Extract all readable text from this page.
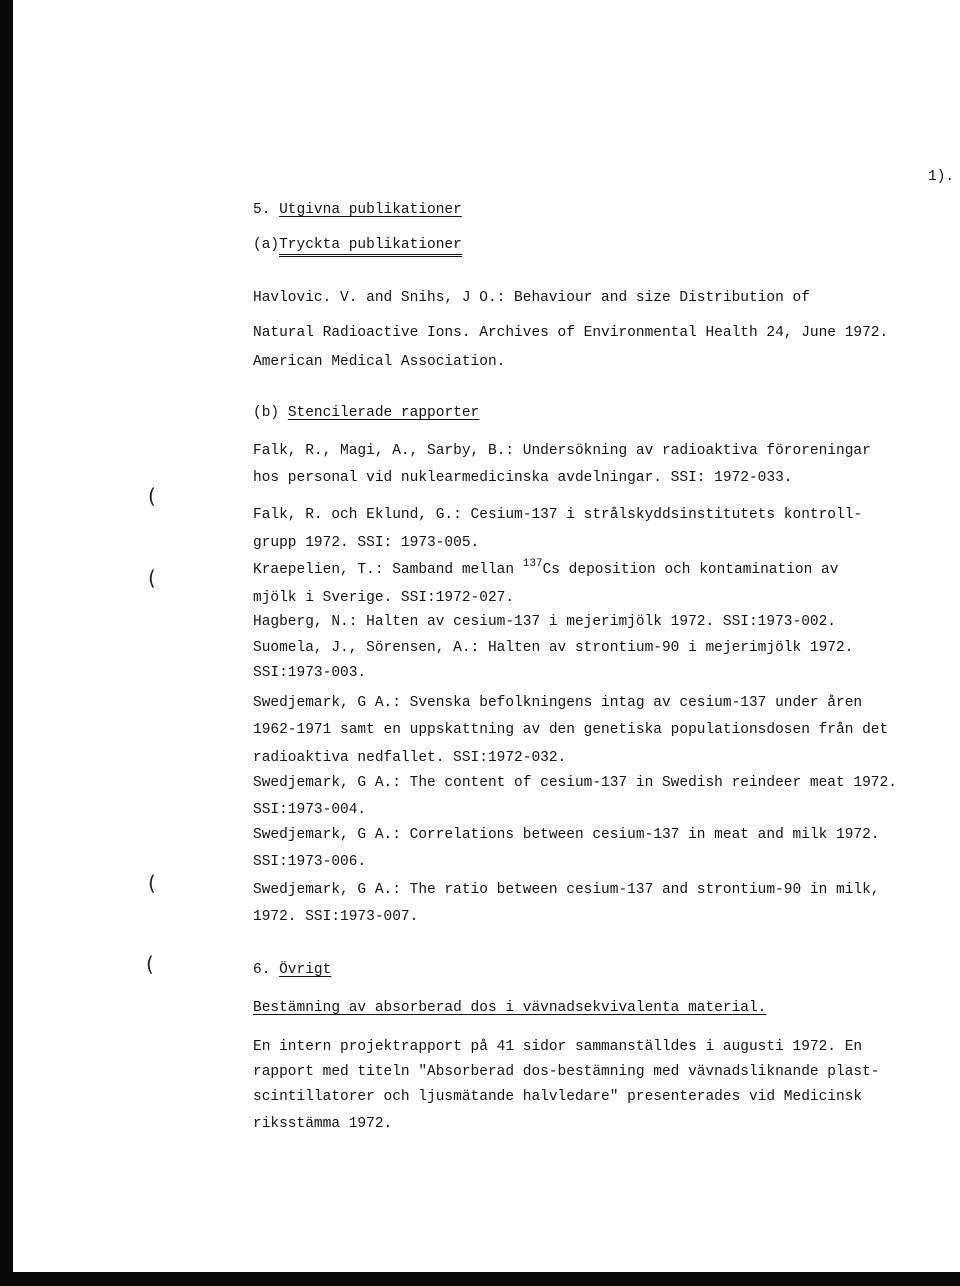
1).
(
(
(
(
5. Utgivna publikationer
(a)Tryckta publikationer
Havlovic. V. and Snihs, J O.: Behaviour and size Distribution of
Natural Radioactive Ions. Archives of Environmental Health 24, June 1972.
American Medical Association.
(b) Stencilerade rapporter
Falk, R., Magi, A., Sarby, B.: Undersökning av radioaktiva föroreningar
hos personal vid nuklearmedicinska avdelningar. SSI: 1972-033.
Falk, R. och Eklund, G.: Cesium-137 i strålskyddsinstitutets kontroll-
grupp 1972. SSI: 1973-005.
Kraepelien, T.: Samband mellan $^{137}$Cs deposition och kontamination av
mjölk i Sverige. SSI:1972-027.
Hagberg, N.: Halten av cesium-137 i mejerimjölk 1972. SSI:1973-002.
Suomela, J., Sörensen, A.: Halten av strontium-90 i mejerimjölk 1972.
SSI:1973-003.
Swedjemark, G A.: Svenska befolkningens intag av cesium-137 under åren
1962-1971 samt en uppskattning av den genetiska populationsdosen från det
radioaktiva nedfallet. SSI:1972-032.
Swedjemark, G A.: The content of cesium-137 in Swedish reindeer meat 1972.
SSI:1973-004.
Swedjemark, G A.: Correlations between cesium-137 in meat and milk 1972.
SSI:1973-006.
Swedjemark, G A.: The ratio between cesium-137 and strontium-90 in milk,
1972. SSI:1973-007.
6. Övrigt
Bestämning av absorberad dos i vävnadsekvivalenta material.
En intern projektrapport på 41 sidor sammanställdes i augusti 1972. En
rapport med titeln "Absorberad dos-bestämning med vävnadsliknande plast-
scintillatorer och ljusmätande halvledare" presenterades vid Medicinsk
riksstämma 1972.
